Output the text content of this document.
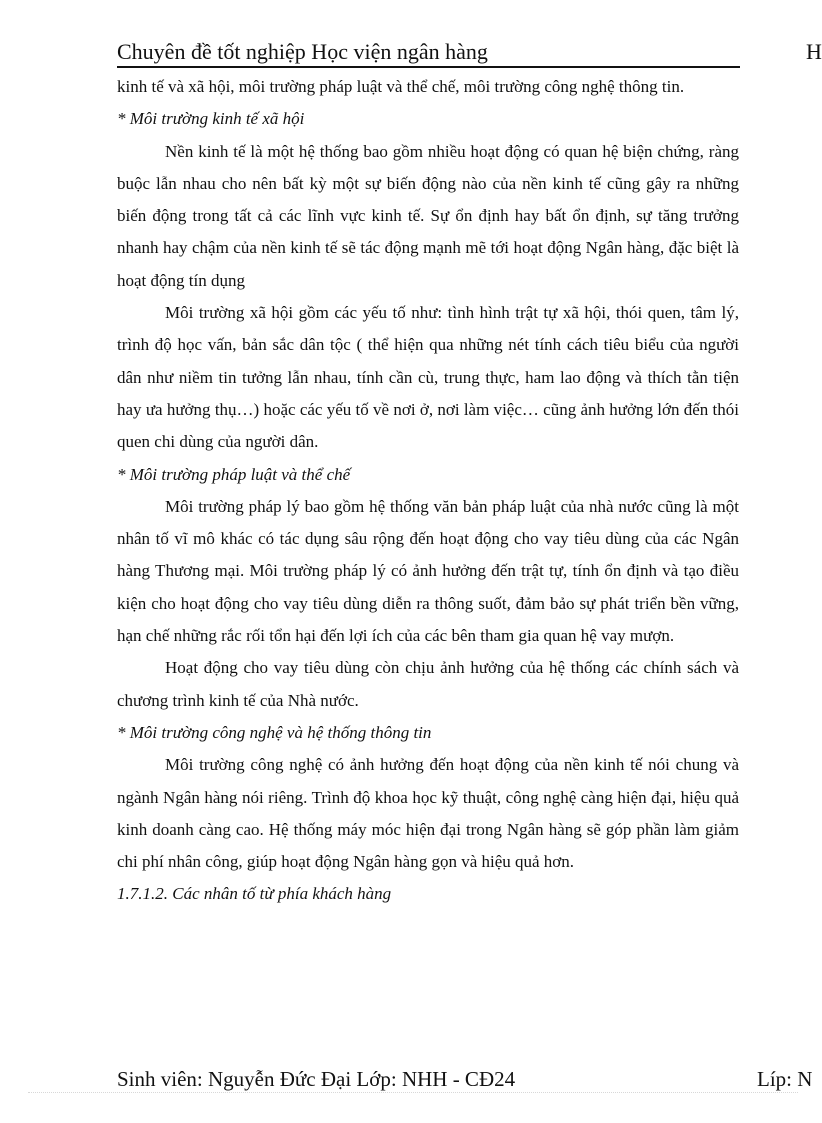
Chuyên đề tốt nghiệp Học viện ngân hàng	H

kinh tế và xã hội, môi trường pháp luật và thể chế, môi trường công nghệ thông tin.

* Môi trường kinh tế xã hội

Nền kinh tế là một hệ thống bao gồm nhiều hoạt động có quan hệ biện chứng, ràng buộc lẫn nhau cho nên bất kỳ một sự biến động nào của nền kinh tế cũng gây ra những biến động trong tất cả các lĩnh vực kinh tế. Sự ổn định hay bất ổn định, sự tăng trưởng nhanh hay chậm của nền kinh tế sẽ tác động mạnh mẽ tới hoạt động Ngân hàng, đặc biệt là hoạt động tín dụng

Môi trường xã hội gồm các yếu tố như: tình hình trật tự xã hội, thói quen, tâm lý, trình độ học vấn, bản sắc dân tộc ( thể hiện qua những nét tính cách tiêu biểu của người dân như niềm tin tưởng lẫn nhau, tính cần cù, trung thực, ham lao động và thích tằn tiện hay ưa hưởng thụ…) hoặc các yếu tố về nơi ở, nơi làm việc… cũng ảnh hưởng lớn đến thói quen chi dùng của người dân.

* Môi trường pháp luật và thể chế

Môi trường pháp lý bao gồm hệ thống văn bản pháp luật của nhà nước cũng là một nhân tố vĩ mô khác có tác dụng sâu rộng đến hoạt động cho vay tiêu dùng của các Ngân hàng Thương mại. Môi trường pháp lý có ảnh hưởng đến trật tự, tính ổn định và tạo điều kiện cho hoạt động cho vay tiêu dùng diễn ra thông suốt, đảm bảo sự phát triển bền vững, hạn chế những rắc rối tổn hại đến lợi ích của các bên tham gia quan hệ vay mượn.

Hoạt động cho vay tiêu dùng còn chịu ảnh hưởng của hệ thống các chính sách và chương trình kinh tế của Nhà nước.

* Môi trường công nghệ và hệ thống thông tin

Môi trường công nghệ có ảnh hưởng đến hoạt động của nền kinh tế nói chung và ngành Ngân hàng nói riêng. Trình độ khoa học kỹ thuật, công nghệ càng hiện đại, hiệu quả kinh doanh càng cao. Hệ thống máy móc hiện đại trong Ngân hàng sẽ góp phần làm giảm chi phí nhân công, giúp hoạt động Ngân hàng gọn và hiệu quả hơn.

1.7.1.2. Các nhân tố từ phía khách hàng

Sinh viên: Nguyễn Đức Đại Lớp: NHH - CĐ24	Líp: N
